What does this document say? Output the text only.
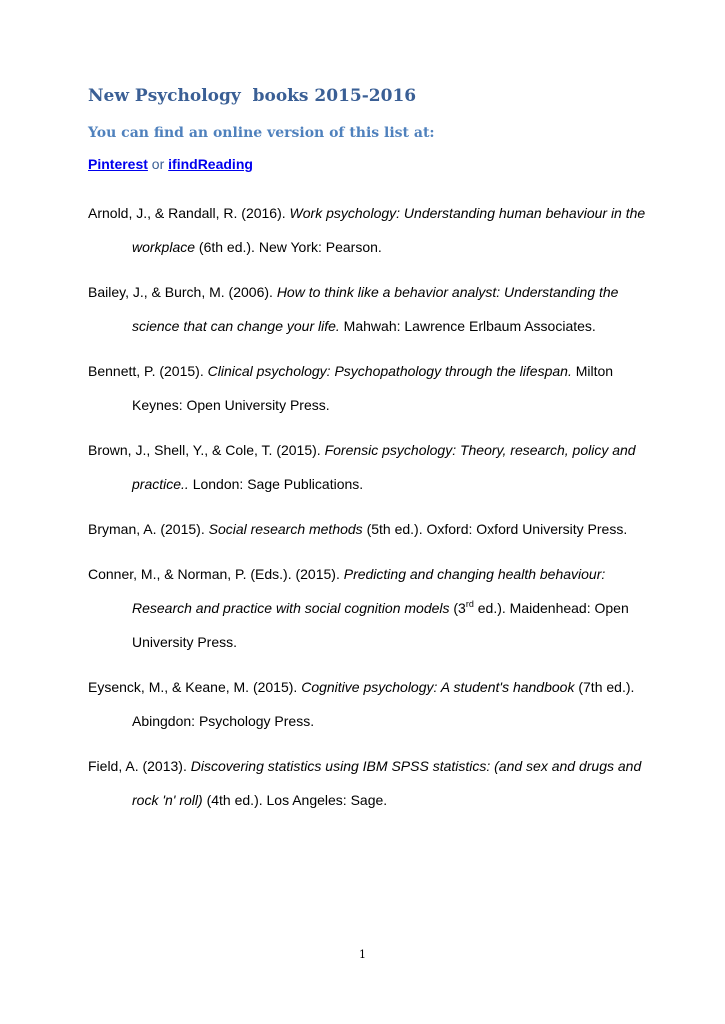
New Psychology  books 2015-2016
You can find an online version of this list at:
Pinterest or ifindReading
Arnold, J., & Randall, R. (2016). Work psychology: Understanding human behaviour in the workplace (6th ed.). New York: Pearson.
Bailey, J., & Burch, M. (2006). How to think like a behavior analyst: Understanding the science that can change your life. Mahwah: Lawrence Erlbaum Associates.
Bennett, P. (2015). Clinical psychology: Psychopathology through the lifespan. Milton Keynes: Open University Press.
Brown, J., Shell, Y., & Cole, T. (2015). Forensic psychology: Theory, research, policy and practice.. London: Sage Publications.
Bryman, A. (2015). Social research methods (5th ed.). Oxford: Oxford University Press.
Conner, M., & Norman, P. (Eds.). (2015). Predicting and changing health behaviour: Research and practice with social cognition models (3rd ed.). Maidenhead: Open University Press.
Eysenck, M., & Keane, M. (2015). Cognitive psychology: A student's handbook (7th ed.). Abingdon: Psychology Press.
Field, A. (2013). Discovering statistics using IBM SPSS statistics: (and sex and drugs and rock 'n' roll) (4th ed.). Los Angeles: Sage.
1
